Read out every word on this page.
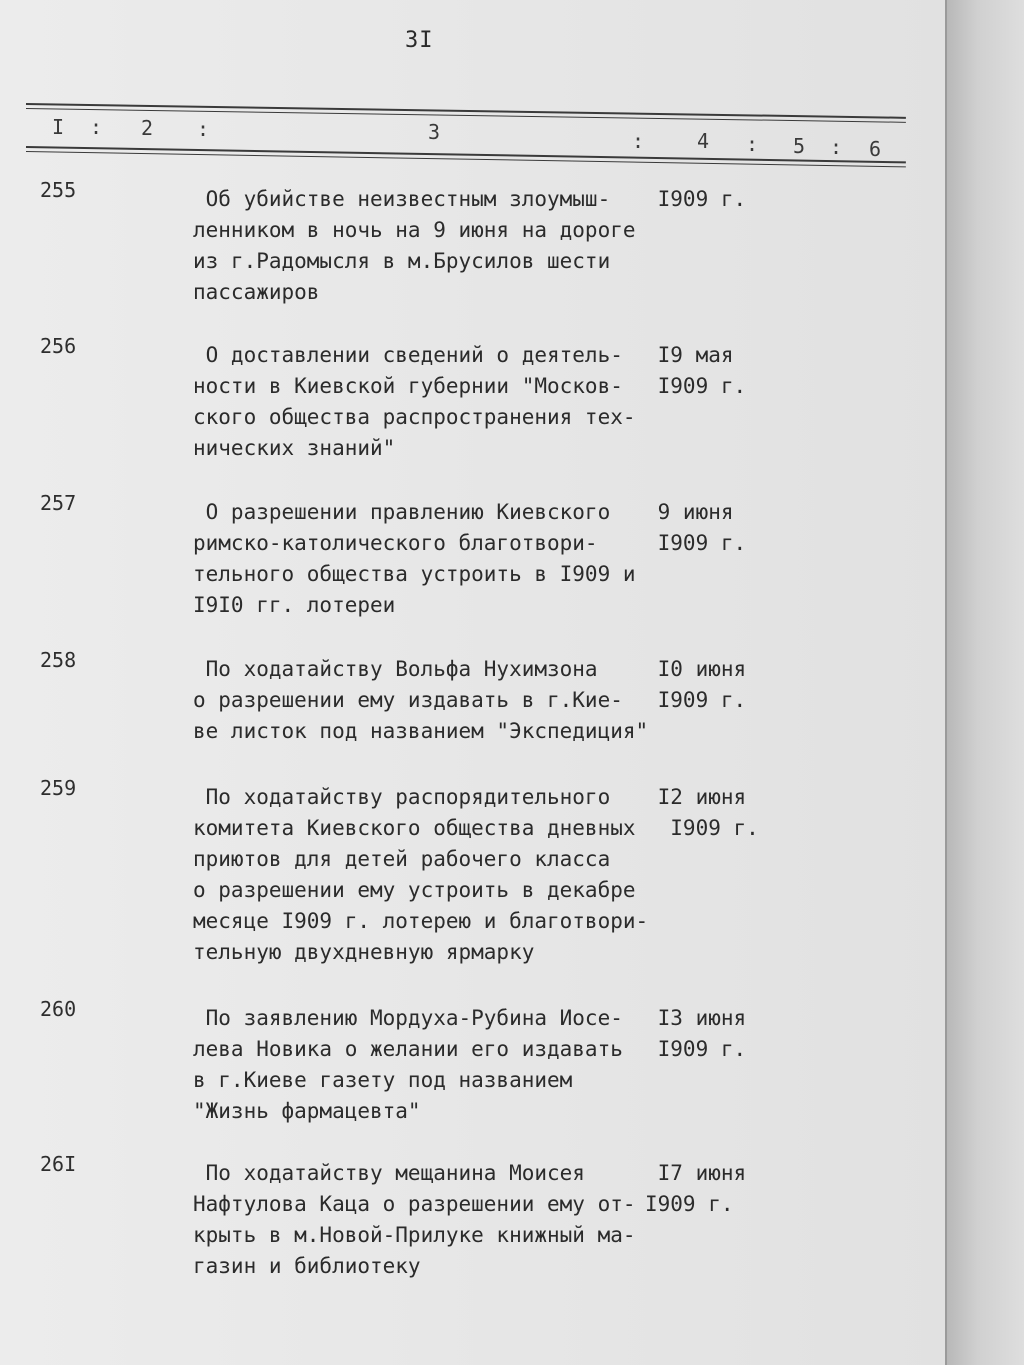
3I
I : 2 :	3	:	4 : 5 : 6
255	Об убийстве неизвестным злоумыш-
ленником в ночь на 9 июня на дороге
из г.Радомысля в м.Брусилов шести
пассажиров
I909 г.
256	О доставлении сведений о деятель-
ности в Киевской губернии "Москов-
ского общества распространения тех-
нических знаний"
I9 мая
I909 г.
257	О разрешении правлению Киевского
римско-католического благотвори-
тельного общества устроить в I909 и
I9I0 гг. лотереи
9 июня
I909 г.
258	По ходатайству Вольфа Нухимзона
о разрешении ему издавать в г.Кие-
ве листок под названием "Экспедиция"
I0 июня
I909 г.
259	По ходатайству распорядительного
комитета Киевского общества дневных
приютов для детей рабочего класса
о разрешении ему устроить в декабре
месяце I909 г. лотерею и благотвори-
тельную двухдневную ярмарку
I2 июня
I909 г.
260	По заявлению Мордуха-Рубина Иосе-
лева Новика о желании его издавать
в г.Киеве газету под названием
"Жизнь фармацевта"
I3 июня
I909 г.
26I	По ходатайству мещанина Моисея
Нафтулова Каца о разрешении ему от-
крыть в м.Новой-Прилуке книжный ма-
газин и библиотеку
I7 июня
I909 г.
